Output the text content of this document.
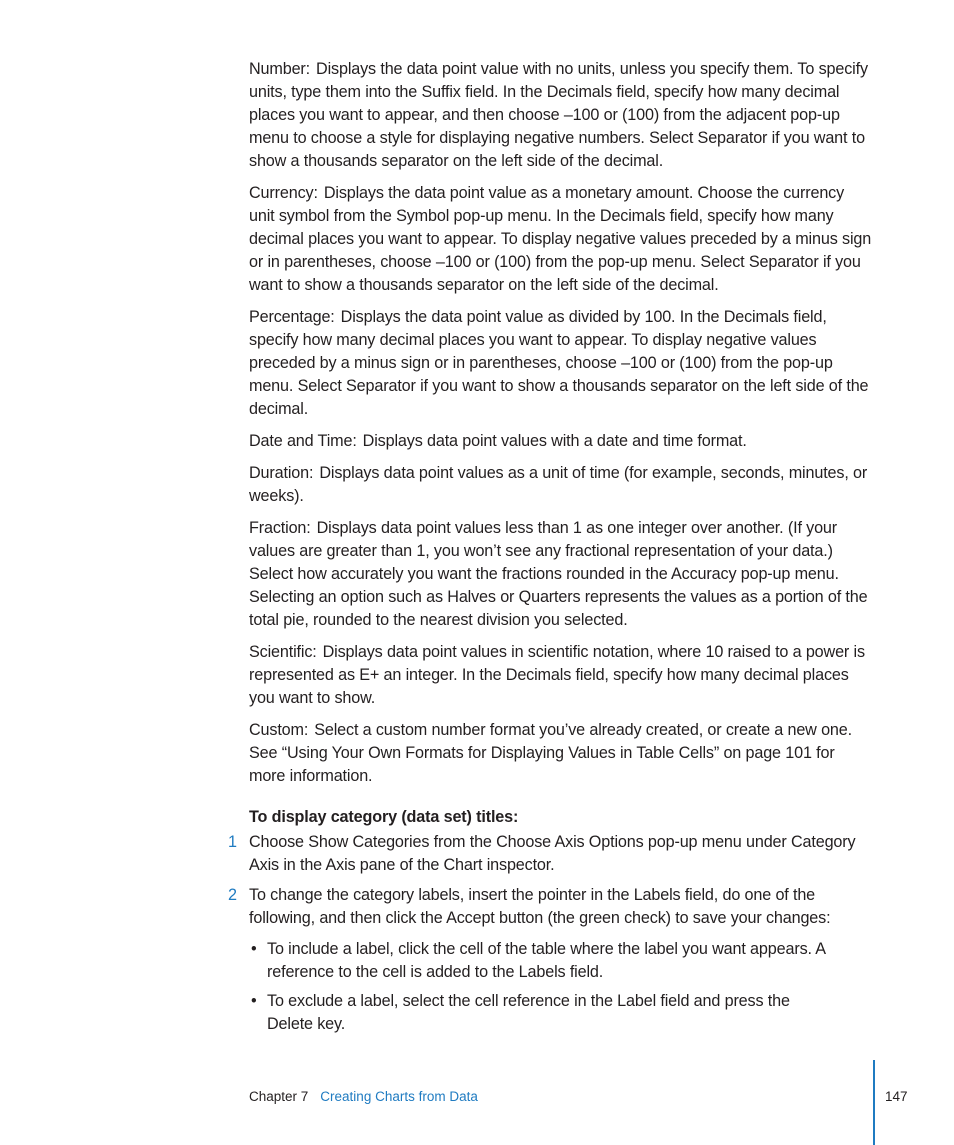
Number: Displays the data point value with no units, unless you specify them. To specify units, type them into the Suffix field. In the Decimals field, specify how many decimal places you want to appear, and then choose –100 or (100) from the adjacent pop-up menu to choose a style for displaying negative numbers. Select Separator if you want to show a thousands separator on the left side of the decimal.

Currency: Displays the data point value as a monetary amount. Choose the currency unit symbol from the Symbol pop-up menu. In the Decimals field, specify how many decimal places you want to appear. To display negative values preceded by a minus sign or in parentheses, choose –100 or (100) from the pop-up menu. Select Separator if you want to show a thousands separator on the left side of the decimal.

Percentage: Displays the data point value as divided by 100. In the Decimals field, specify how many decimal places you want to appear. To display negative values preceded by a minus sign or in parentheses, choose –100 or (100) from the pop-up menu. Select Separator if you want to show a thousands separator on the left side of the decimal.

Date and Time: Displays data point values with a date and time format.

Duration: Displays data point values as a unit of time (for example, seconds, minutes, or weeks).

Fraction: Displays data point values less than 1 as one integer over another. (If your values are greater than 1, you won’t see any fractional representation of your data.) Select how accurately you want the fractions rounded in the Accuracy pop-up menu. Selecting an option such as Halves or Quarters represents the values as a portion of the total pie, rounded to the nearest division you selected.

Scientific: Displays data point values in scientific notation, where 10 raised to a power is represented as E+ an integer. In the Decimals field, specify how many decimal places you want to show.

Custom: Select a custom number format you’ve already created, or create a new one. See “Using Your Own Formats for Displaying Values in Table Cells” on page 101 for more information.

To display category (data set) titles:
1 Choose Show Categories from the Choose Axis Options pop-up menu under Category Axis in the Axis pane of the Chart inspector.
2 To change the category labels, insert the pointer in the Labels field, do one of the following, and then click the Accept button (the green check) to save your changes:
• To include a label, click the cell of the table where the label you want appears. A reference to the cell is added to the Labels field.
• To exclude a label, select the cell reference in the Label field and press the Delete key.
Chapter 7 Creating Charts from Data	147
